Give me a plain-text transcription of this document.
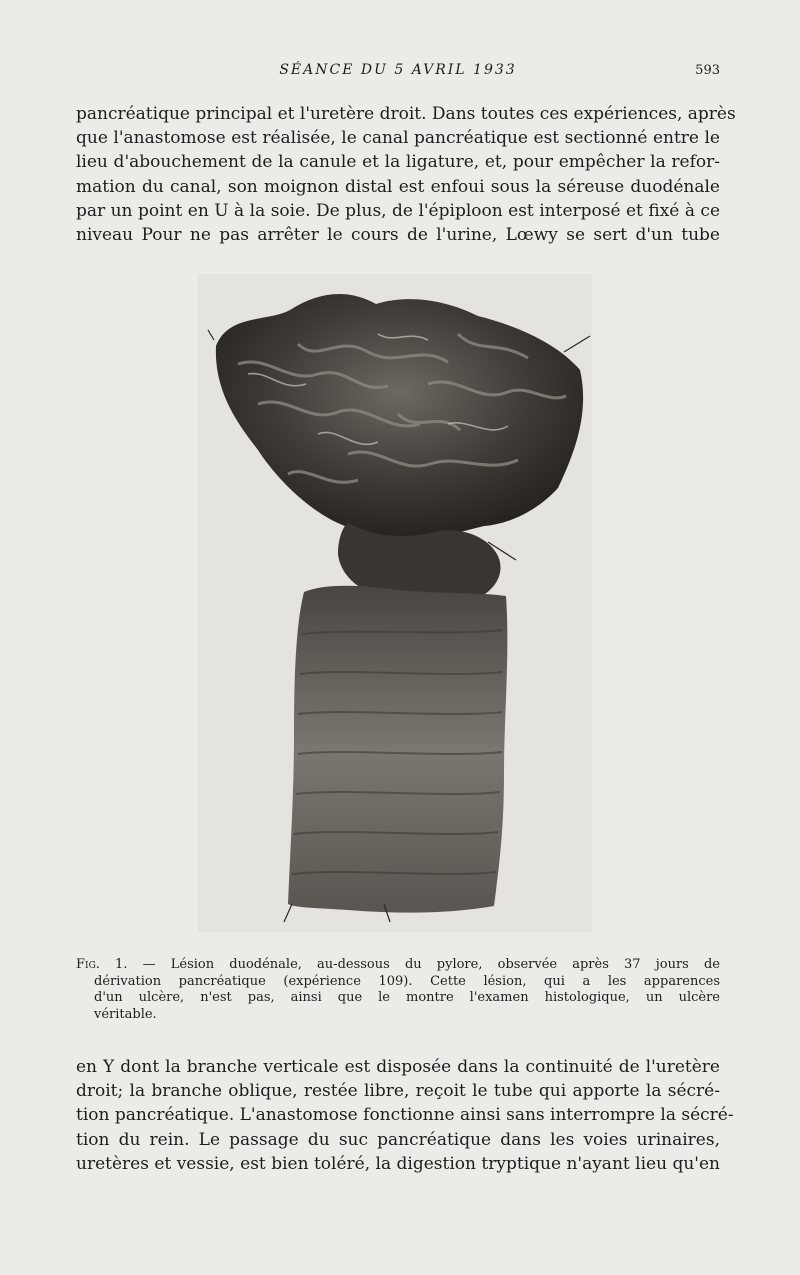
SÉANCE DU 5 AVRIL 1933	593

pancréatique principal et l'uretère droit. Dans toutes ces expériences, après
que l'anastomose est réalisée, le canal pancréatique est sectionné entre le
lieu d'abouchement de la canule et la ligature, et, pour empêcher la refor-
mation du canal, son moignon distal est enfoui sous la séreuse duodénale
par un point en U à la soie. De plus, de l'épiploon est interposé et fixé à ce
niveau Pour ne pas arrêter le cours de l'urine, Lœwy se sert d'un tube

Fig. 1. — Lésion duodénale, au-dessous du pylore, observée après 37 jours de
dérivation pancréatique (expérience 109). Cette lésion, qui a les apparences
d'un ulcère, n'est pas, ainsi que le montre l'examen histologique, un ulcère
véritable.

en Y dont la branche verticale est disposée dans la continuité de l'uretère
droit; la branche oblique, restée libre, reçoit le tube qui apporte la sécré-
tion pancréatique. L'anastomose fonctionne ainsi sans interrompre la sécré-
tion du rein. Le passage du suc pancréatique dans les voies urinaires,
uretères et vessie, est bien toléré, la digestion tryptique n'ayant lieu qu'en
